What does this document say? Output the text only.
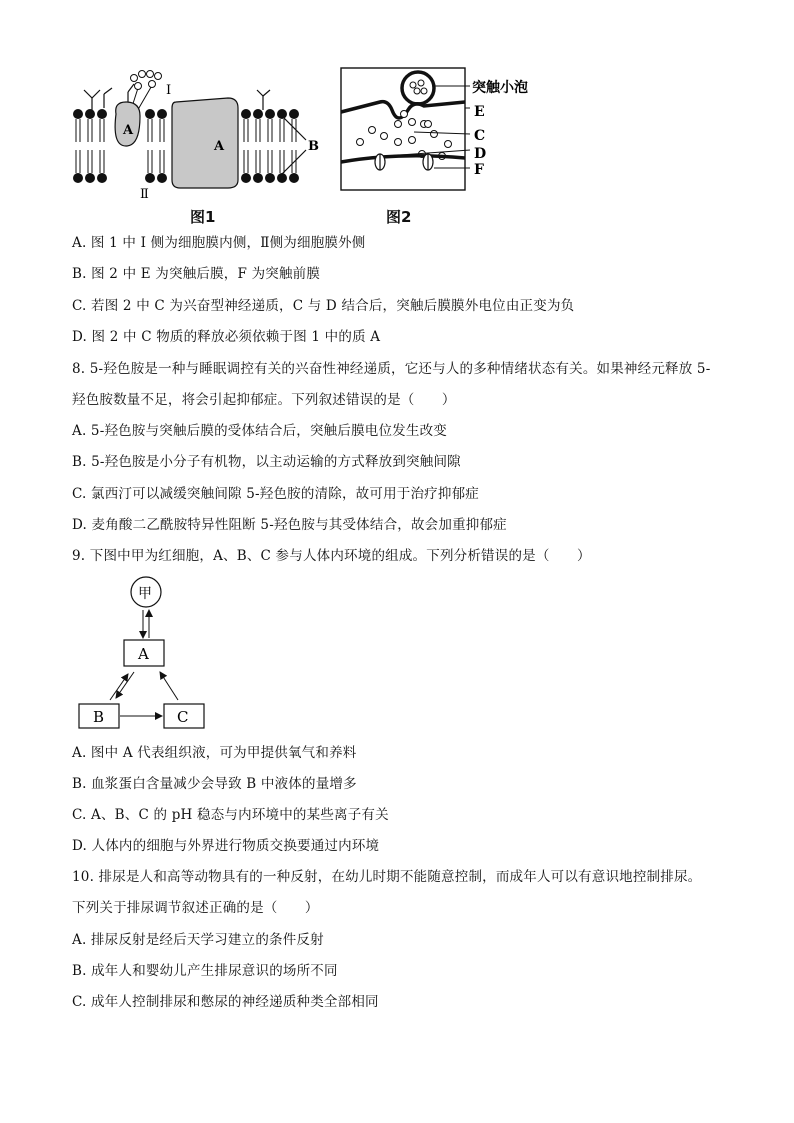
A
A
I
Ⅱ
B
图1
突触小泡
E
C
D
F
图2
A. 图 1 中 I 侧为细胞膜内侧，Ⅱ侧为细胞膜外侧
B. 图 2 中 E 为突触后膜，F 为突触前膜
C. 若图 2 中 C 为兴奋型神经递质，C 与 D 结合后，突触后膜膜外电位由正变为负
D. 图 2 中 C 物质的释放必须依赖于图 1 中的质 A
8. 5-羟色胺是一种与睡眠调控有关的兴奋性神经递质，它还与人的多种情绪状态有关。如果神经元释放 5-
羟色胺数量不足，将会引起抑郁症。下列叙述错误的是（　　）
A. 5-羟色胺与突触后膜的受体结合后，突触后膜电位发生改变
B. 5-羟色胺是小分子有机物，以主动运输的方式释放到突触间隙
C. 氯西汀可以减缓突触间隙 5-羟色胺的清除，故可用于治疗抑郁症
D. 麦角酸二乙酰胺特异性阻断 5-羟色胺与其受体结合，故会加重抑郁症
9. 下图中甲为红细胞，A、B、C 参与人体内环境的组成。下列分析错误的是（　　）
甲
A
B	C
A. 图中 A 代表组织液，可为甲提供氧气和养料
B. 血浆蛋白含量减少会导致 B 中液体的量增多
C. A、B、C 的 pH 稳态与内环境中的某些离子有关
D. 人体内的细胞与外界进行物质交换要通过内环境
10. 排尿是人和高等动物具有的一种反射，在幼儿时期不能随意控制，而成年人可以有意识地控制排尿。
下列关于排尿调节叙述正确的是（　　）
A. 排尿反射是经后天学习建立的条件反射
B. 成年人和婴幼儿产生排尿意识的场所不同
C. 成年人控制排尿和憋尿的神经递质种类全部相同
